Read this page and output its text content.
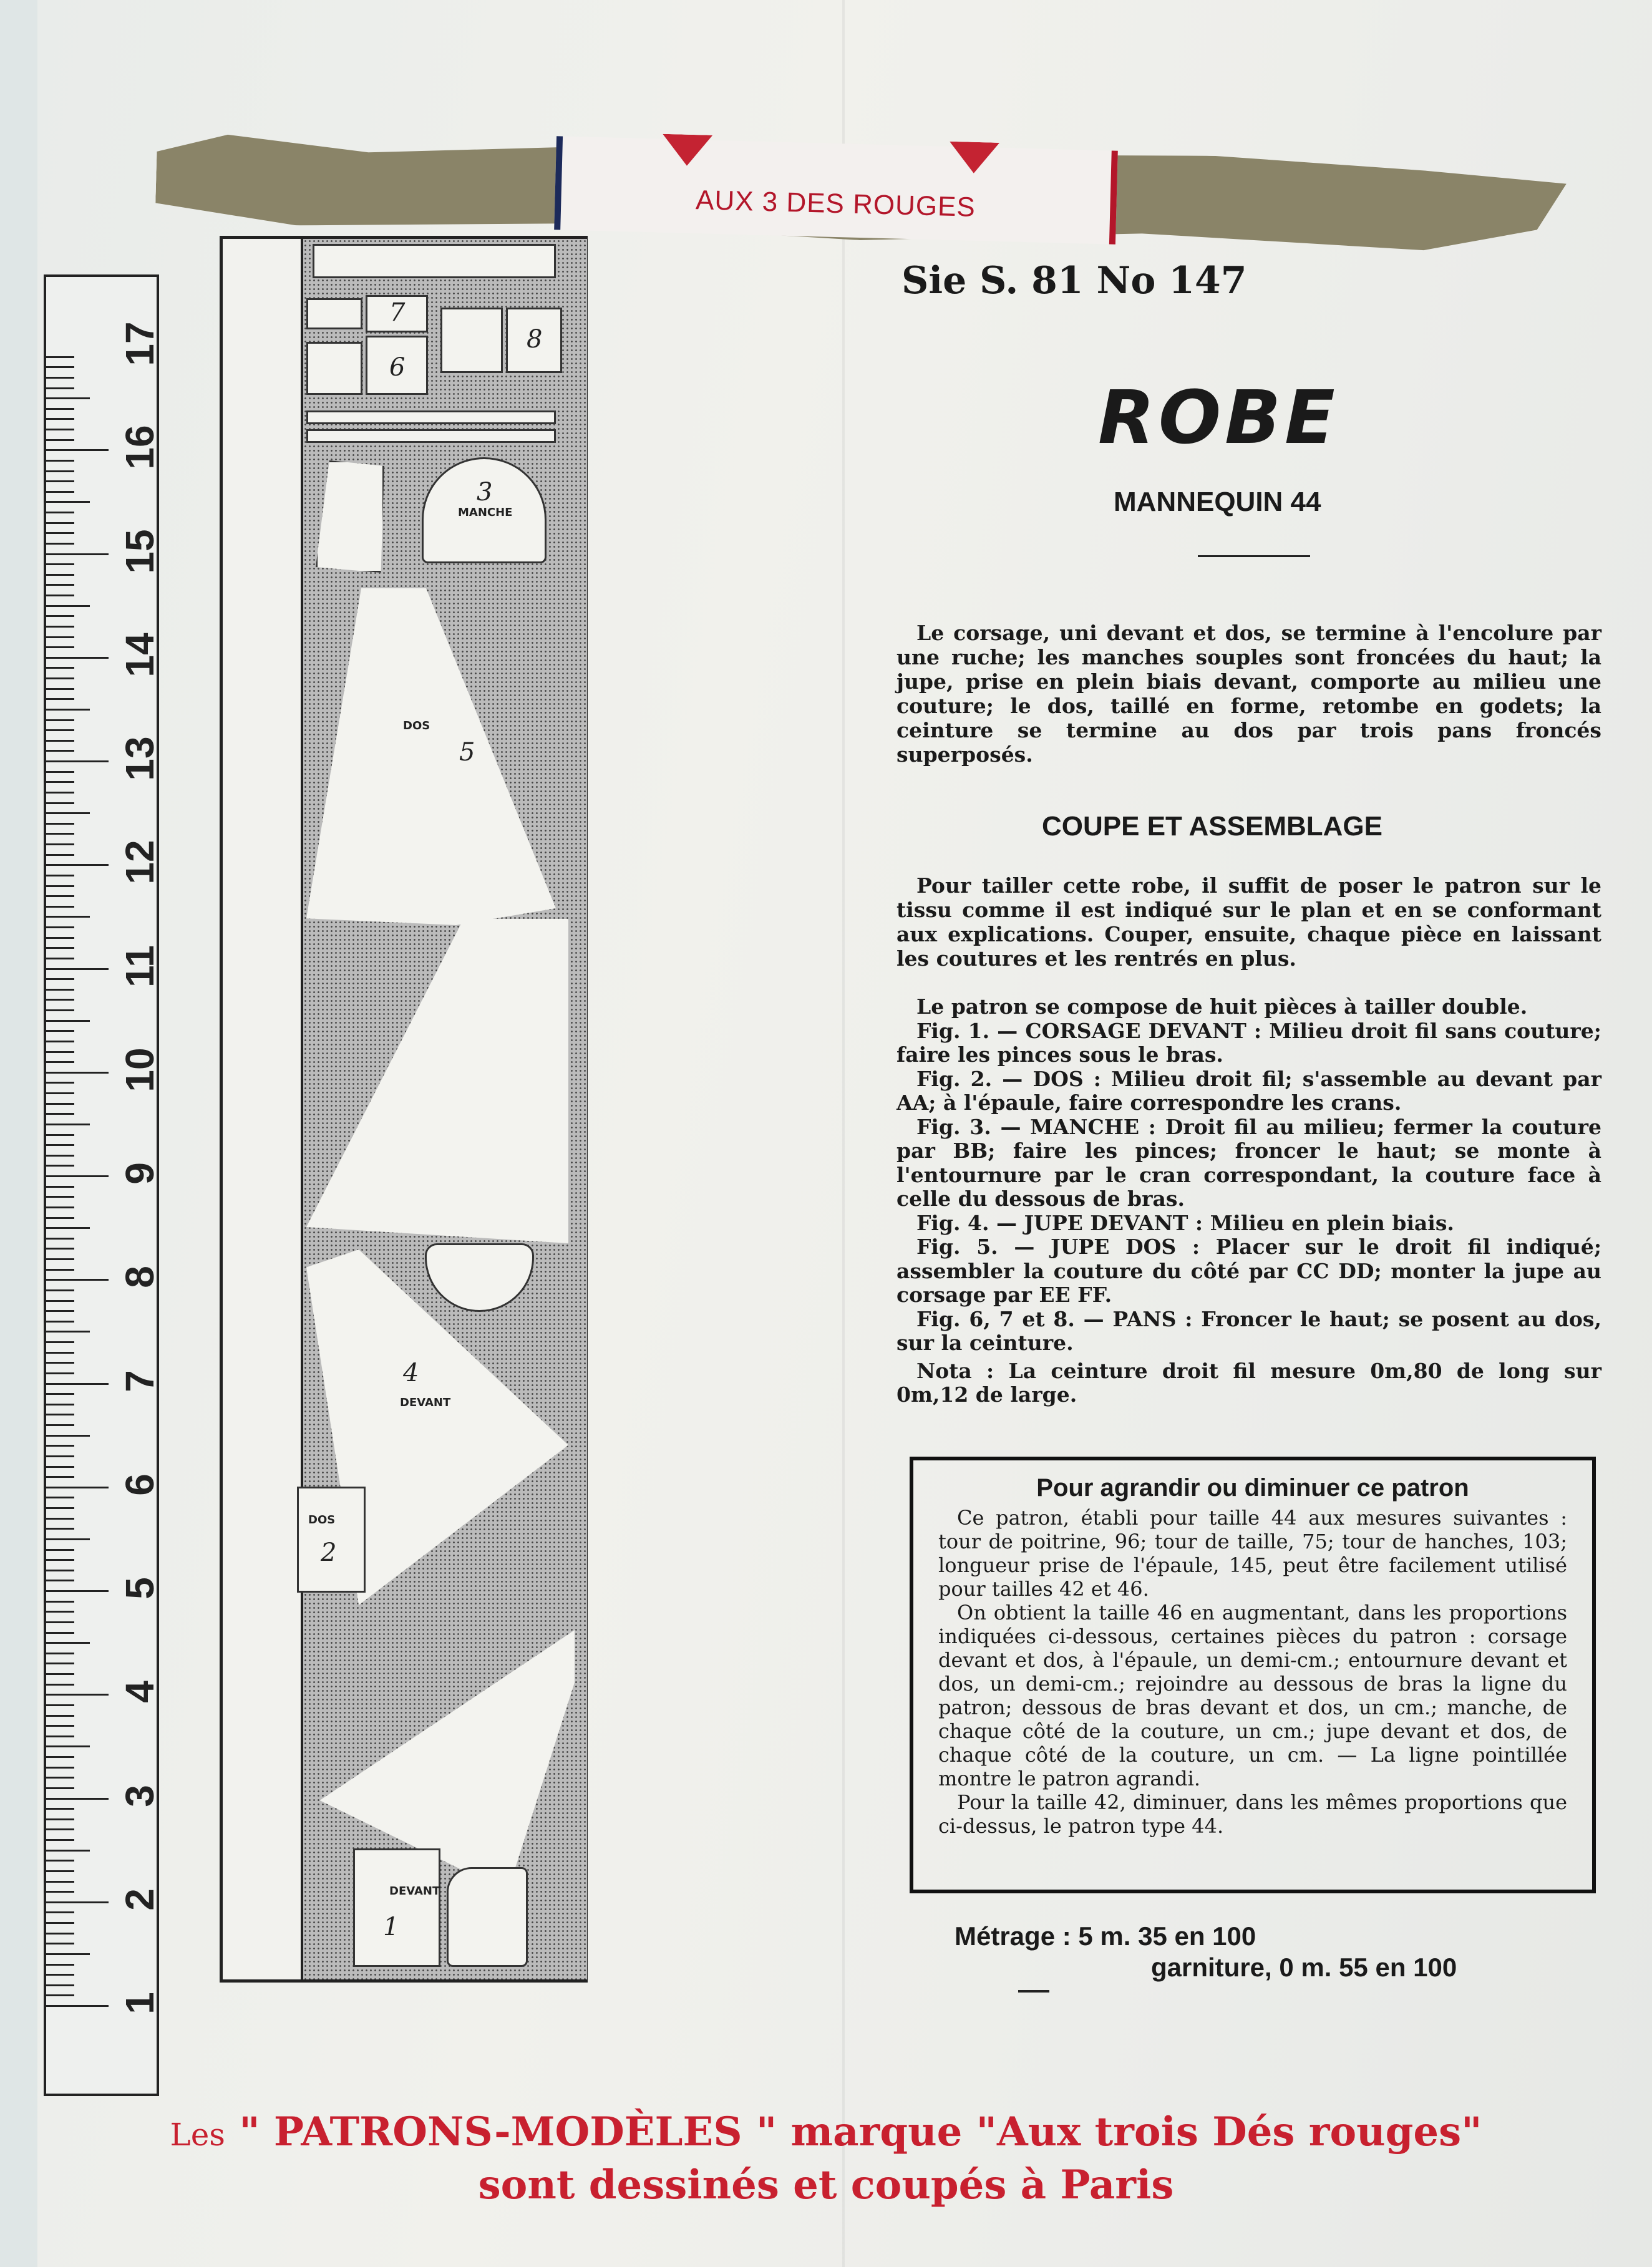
AUX 3 DES ROUGES
1
2
3
4
5
6
7
8
9
10
11
12
13
14
15
16
17
7
6
8
3
MANCHE
5
DOS
4
DEVANT
DOS
2
DEVANT
1
Sie S. 81 No 147
ROBE
MANNEQUIN 44
Le corsage, uni devant et dos, se termine à l'encolure par une ruche; les manches souples sont froncées du haut; la jupe, prise en plein biais devant, comporte au milieu une couture; le dos, taillé en forme, retombe en godets; la ceinture se termine au dos par trois pans froncés superposés.
COUPE ET ASSEMBLAGE
Pour tailler cette robe, il suffit de poser le patron sur le tissu comme il est indiqué sur le plan et en se conformant aux explications. Couper, ensuite, chaque pièce en laissant les coutures et les rentrés en plus.

Le patron se compose de huit pièces à tailler double.

Fig. 1. — CORSAGE DEVANT : Milieu droit fil sans couture; faire les pinces sous le bras.

Fig. 2. — DOS : Milieu droit fil; s'assemble au devant par AA; à l'épaule, faire correspondre les crans.

Fig. 3. — MANCHE : Droit fil au milieu; fermer la couture par BB; faire les pinces; froncer le haut; se monte à l'entournure par le cran correspondant, la couture face à celle du dessous de bras.

Fig. 4. — JUPE DEVANT : Milieu en plein biais.

Fig. 5. — JUPE DOS : Placer sur le droit fil indiqué; assembler la couture du côté par CC DD; monter la jupe au corsage par EE FF.

Fig. 6, 7 et 8. — PANS : Froncer le haut; se posent au dos, sur la ceinture.

Nota : La ceinture droit fil mesure 0m,80 de long sur 0m,12 de large.

Pour agrandir ou diminuer ce patron

Ce patron, établi pour taille 44 aux mesures suivantes : tour de poitrine, 96; tour de taille, 75; tour de hanches, 103; longueur prise de l'épaule, 145, peut être facilement utilisé pour tailles 42 et 46.

On obtient la taille 46 en augmentant, dans les proportions indiquées ci-dessous, certaines pièces du patron : corsage devant et dos, à l'épaule, un demi-cm.; entournure devant et dos, un demi-cm.; rejoindre au dessous de bras la ligne du patron; dessous de bras devant et dos, un cm.; manche, de chaque côté de la couture, un cm.; jupe devant et dos, de chaque côté de la couture, un cm. — La ligne pointillée montre le patron agrandi.

Pour la taille 42, diminuer, dans les mêmes proportions que ci-dessus, le patron type 44.

Métrage : 5 m. 35 en 100
garniture, 0 m. 55 en 100
Les " PATRONS-MODÈLES " marque "Aux trois Dés rouges"
sont dessinés et coupés à Paris
